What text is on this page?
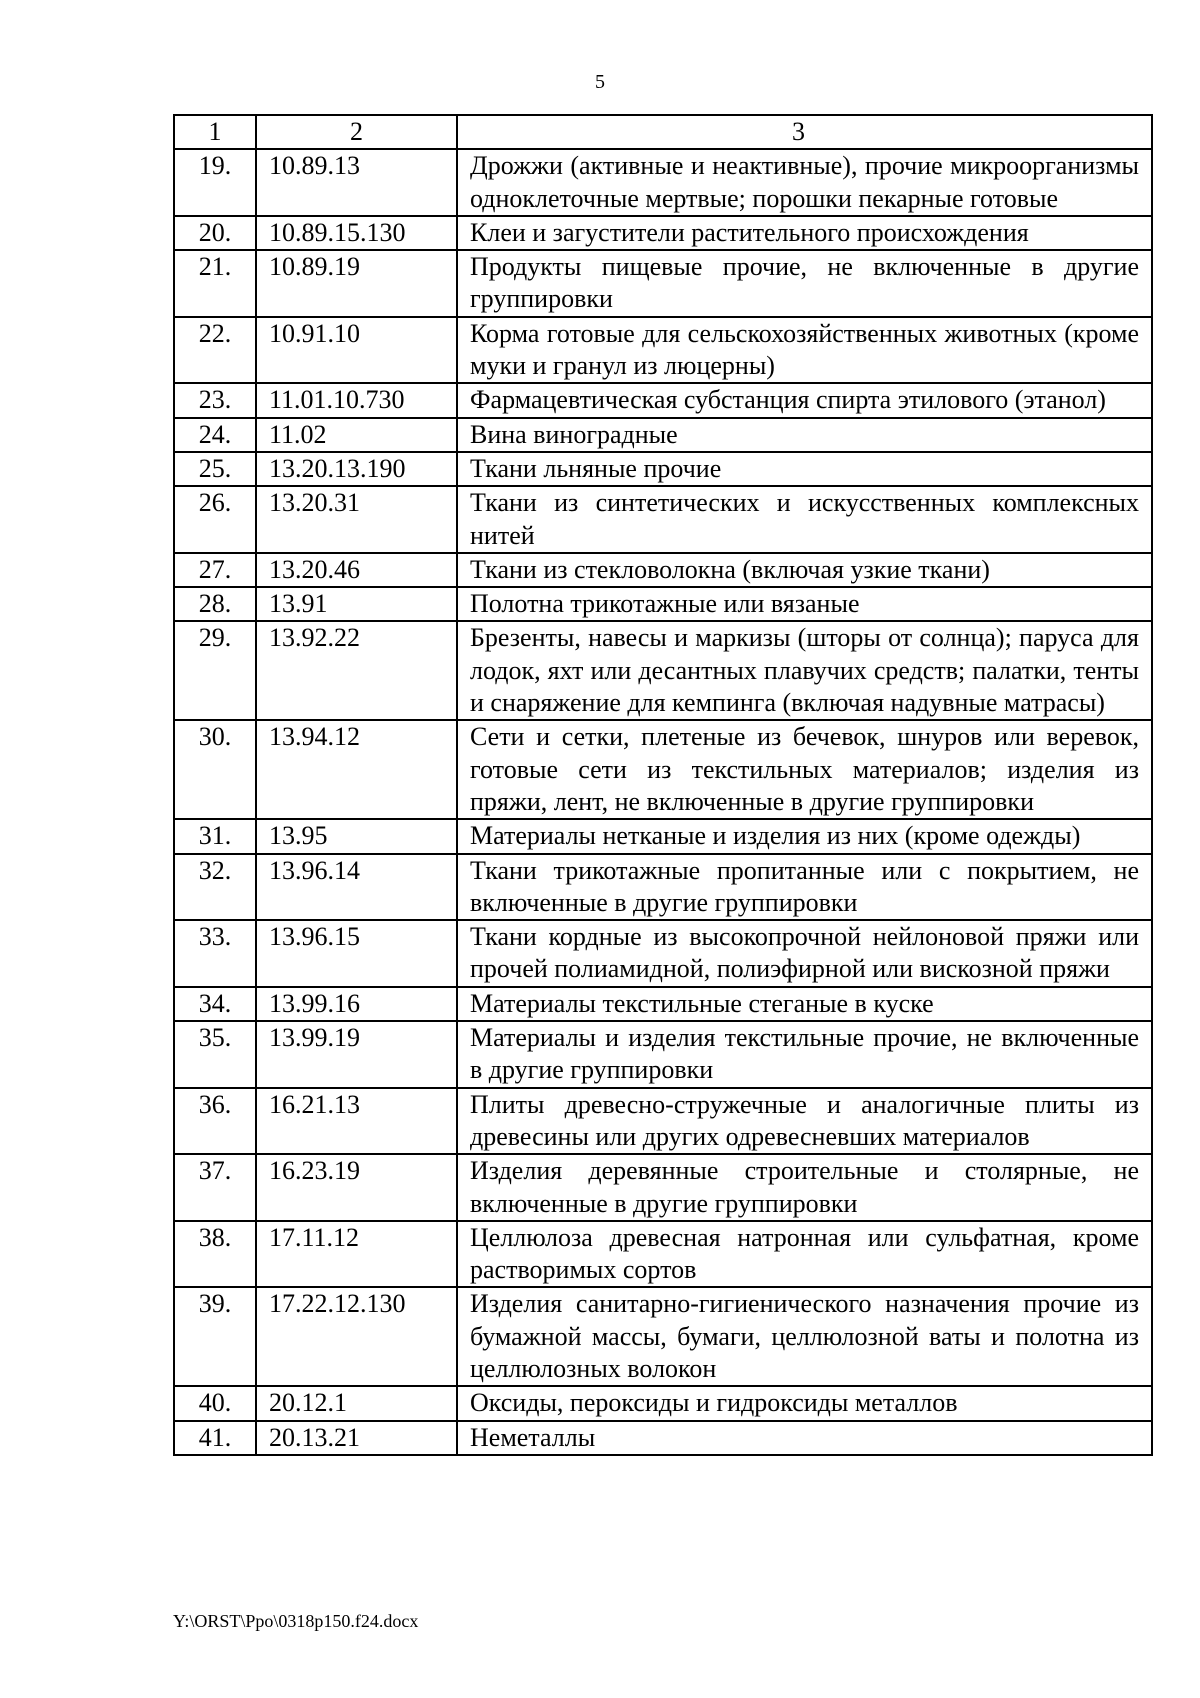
5
1	2	3
19.	10.89.13	Дрожжи (активные и неактивные), прочие микроорганизмы одноклеточные мертвые; порошки пекарные готовые
20.	10.89.15.130	Клеи и загустители растительного происхождения
21.	10.89.19	Продукты пищевые прочие, не включенные в другие группировки
22.	10.91.10	Корма готовые для сельскохозяйственных животных (кроме муки и гранул из люцерны)
23.	11.01.10.730	Фармацевтическая субстанция спирта этилового (этанол)
24.	11.02	Вина виноградные
25.	13.20.13.190	Ткани льняные прочие
26.	13.20.31	Ткани из синтетических и искусственных комплексных нитей
27.	13.20.46	Ткани из стекловолокна (включая узкие ткани)
28.	13.91	Полотна трикотажные или вязаные
29.	13.92.22	Брезенты, навесы и маркизы (шторы от солнца); паруса для лодок, яхт или десантных плавучих средств; палатки, тенты и снаряжение для кемпинга (включая надувные матрасы)
30.	13.94.12	Сети и сетки, плетеные из бечевок, шнуров или веревок, готовые сети из текстильных материалов; изделия из пряжи, лент, не включенные в другие группировки
31.	13.95	Материалы нетканые и изделия из них (кроме одежды)
32.	13.96.14	Ткани трикотажные пропитанные или с покрытием, не включенные в другие группировки
33.	13.96.15	Ткани кордные из высокопрочной нейлоновой пряжи или прочей полиамидной, полиэфирной или вискозной пряжи
34.	13.99.16	Материалы текстильные стеганые в куске
35.	13.99.19	Материалы и изделия текстильные прочие, не включенные в другие группировки
36.	16.21.13	Плиты древесно-стружечные и аналогичные плиты из древесины или других одревесневших материалов
37.	16.23.19	Изделия деревянные строительные и столярные, не включенные в другие группировки
38.	17.11.12	Целлюлоза древесная натронная или сульфатная, кроме растворимых сортов
39.	17.22.12.130	Изделия санитарно-гигиенического назначения прочие из бумажной массы, бумаги, целлюлозной ваты и полотна из целлюлозных волокон
40.	20.12.1	Оксиды, пероксиды и гидроксиды металлов
41.	20.13.21	Неметаллы
Y:\ORST\Ppo\0318p150.f24.docx
